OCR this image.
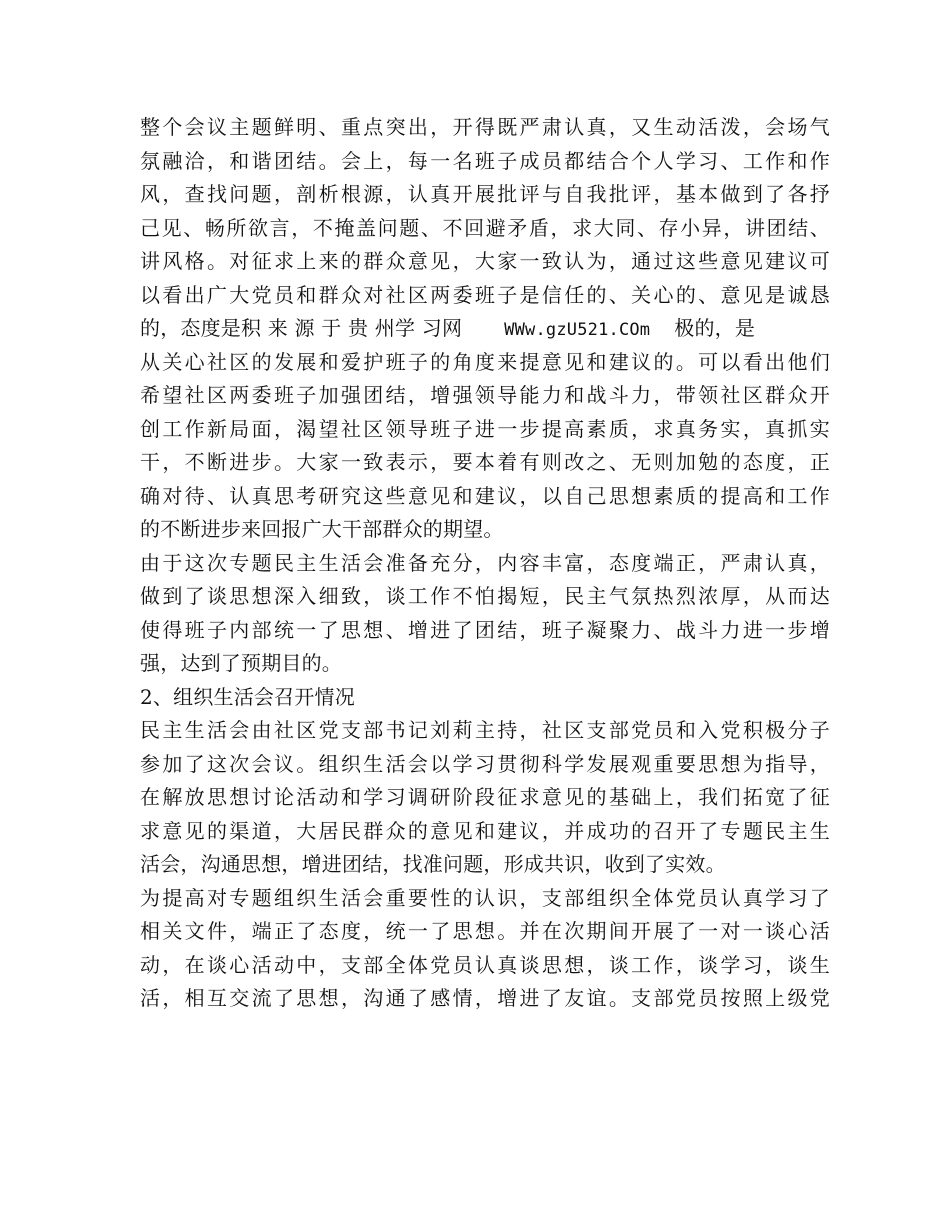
整个会议主题鲜明、重点突出，开得既严肃认真，又生动活泼，会场气
氛融洽，和谐团结。会上，每一名班子成员都结合个人学习、工作和作
风，查找问题，剖析根源，认真开展批评与自我批评，基本做到了各抒
己见、畅所欲言，不掩盖问题、不回避矛盾，求大同、存小异，讲团结、
讲风格。对征求上来的群众意见，大家一致认为，通过这些意见建议可
以看出广大党员和群众对社区两委班子是信任的、关心的、意见是诚恳
的，态度是积 来 源 于 贵 州学 习网 WWw.gzU521.COm 极的，是
从关心社区的发展和爱护班子的角度来提意见和建议的。可以看出他们
希望社区两委班子加强团结，增强领导能力和战斗力，带领社区群众开
创工作新局面，渴望社区领导班子进一步提高素质，求真务实，真抓实
干，不断进步。大家一致表示，要本着有则改之、无则加勉的态度，正
确对待、认真思考研究这些意见和建议，以自己思想素质的提高和工作
的不断进步来回报广大干部群众的期望。
由于这次专题民主生活会准备充分，内容丰富，态度端正，严肃认真，
做到了谈思想深入细致，谈工作不怕揭短，民主气氛热烈浓厚，从而达
使得班子内部统一了思想、增进了团结，班子凝聚力、战斗力进一步增
强，达到了预期目的。
2、组织生活会召开情况
民主生活会由社区党支部书记刘莉主持，社区支部党员和入党积极分子
参加了这次会议。组织生活会以学习贯彻科学发展观重要思想为指导，
在解放思想讨论活动和学习调研阶段征求意见的基础上，我们拓宽了征
求意见的渠道，大居民群众的意见和建议，并成功的召开了专题民主生
活会，沟通思想，增进团结，找准问题，形成共识，收到了实效。
为提高对专题组织生活会重要性的认识，支部组织全体党员认真学习了
相关文件，端正了态度，统一了思想。并在次期间开展了一对一谈心活
动，在谈心活动中，支部全体党员认真谈思想，谈工作，谈学习，谈生
活，相互交流了思想，沟通了感情，增进了友谊。支部党员按照上级党
